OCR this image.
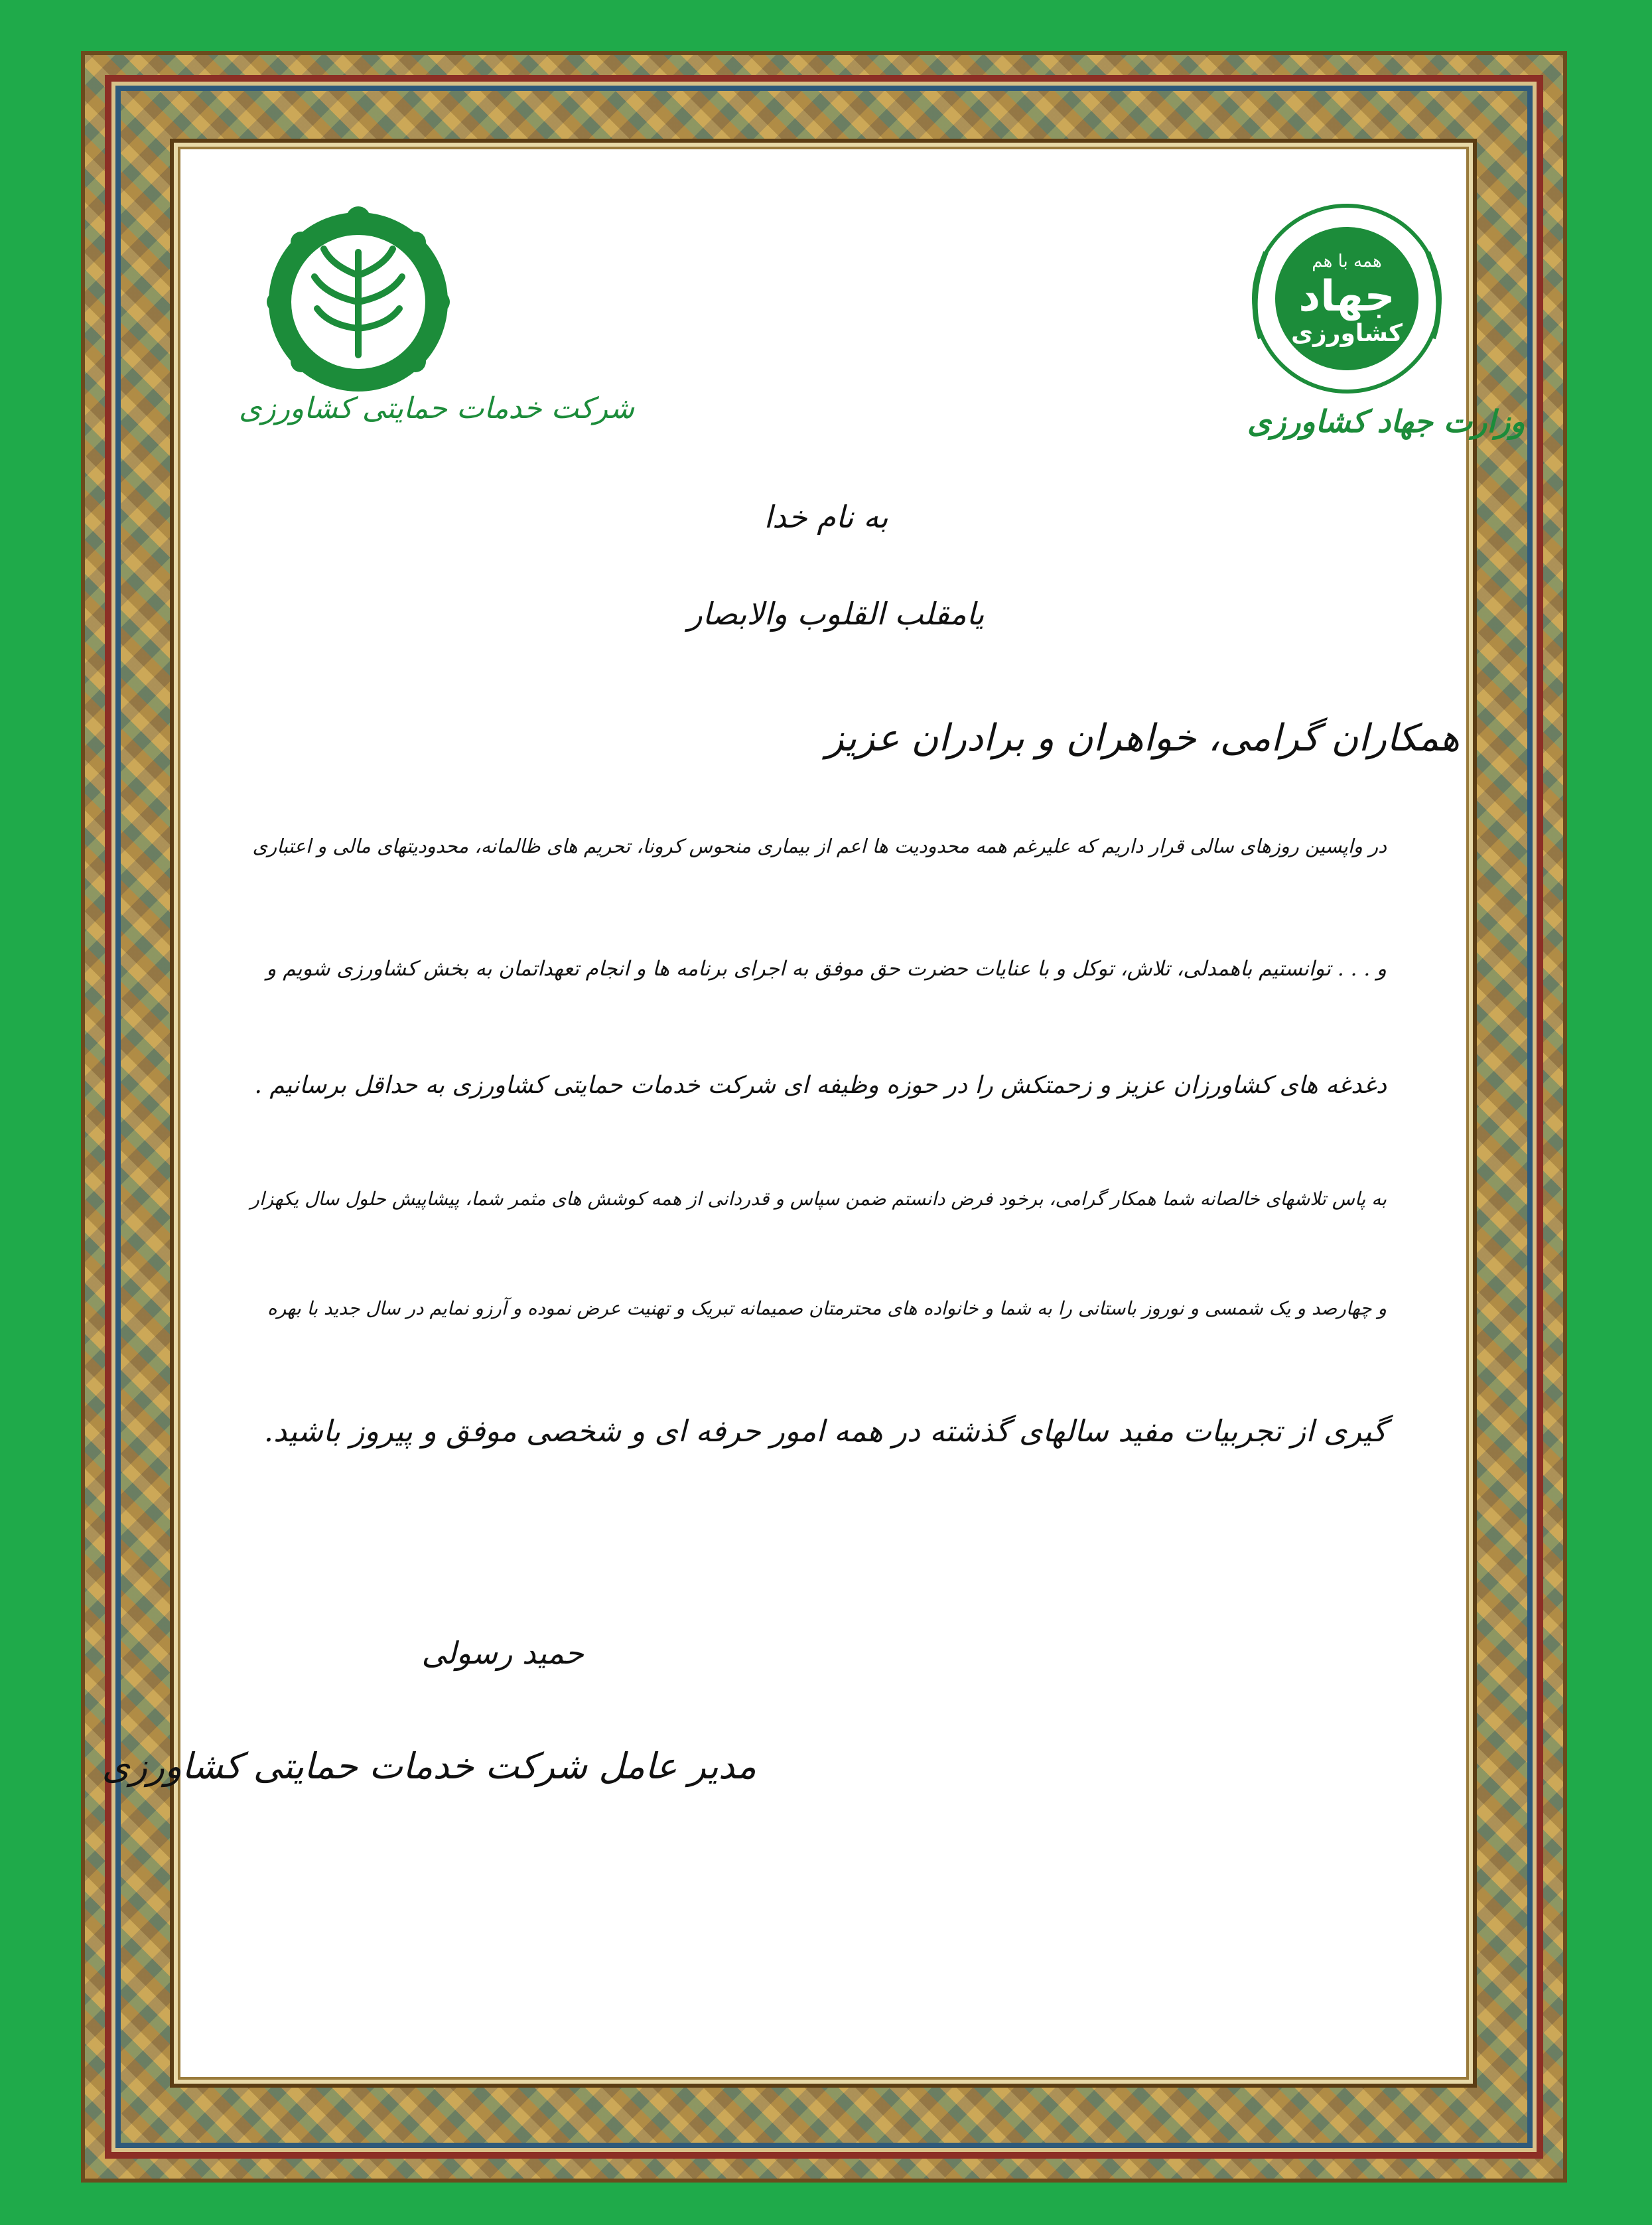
شرکت خدمات حمایتی کشاورزی
همه با هم
جهاد
کشاورزی
وزارت جهاد کشاورزی
به نام خدا
یامقلب القلوب والابصار
همکاران گرامی، خواهران و برادران عزیز
در واپسین روزهای سالی قرار داریم که علیرغم همه محدودیت ها اعم از بیماری منحوس کرونا، تحریم های ظالمانه، محدودیتهای مالی و اعتباری
و . . . توانستیم باهمدلی، تلاش، توکل و با عنایات حضرت حق موفق به اجرای برنامه ها و انجام تعهداتمان به بخش کشاورزی شویم و
دغدغه های کشاورزان عزیز و زحمتکش را در حوزه وظیفه ای شرکت خدمات حمایتی کشاورزی به حداقل برسانیم .
به پاس تلاشهای خالصانه شما همکار گرامی، برخود فرض دانستم ضمن سپاس و قدردانی از همه کوشش های مثمر شما، پیشاپیش حلول سال یکهزار
و چهارصد و یک شمسی و نوروز باستانی را به شما و خانواده های محترمتان صمیمانه تبریک و تهنیت عرض نموده و آرزو نمایم در سال جدید با بهره
گیری از تجربیات مفید سالهای گذشته در همه امور حرفه ای و شخصی موفق و پیروز باشید.
حمید رسولی
مدیر عامل شرکت خدمات حمایتی کشاورزی
